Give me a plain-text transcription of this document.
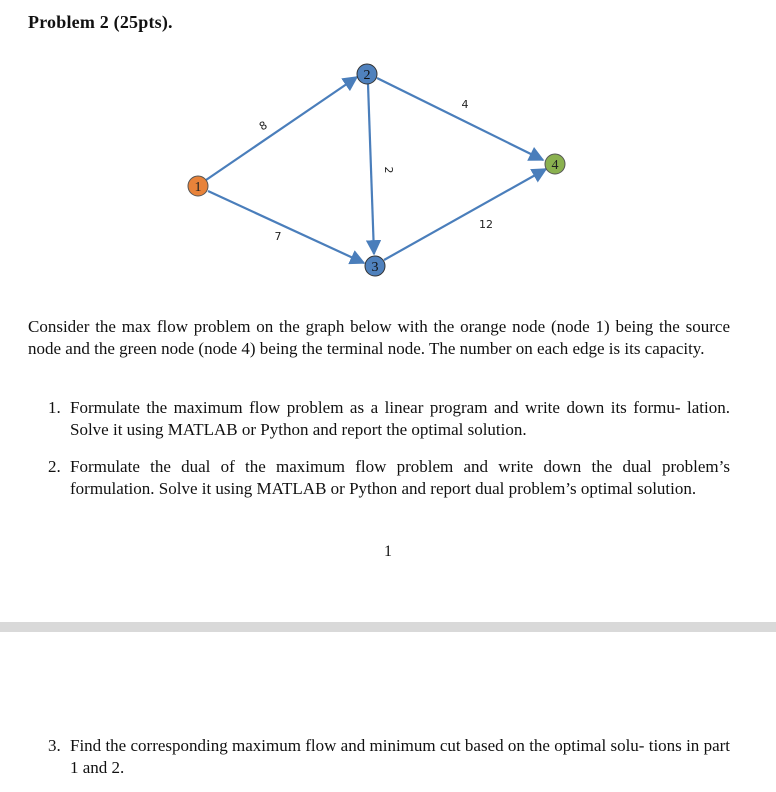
Problem 2 (25pts).
8
7
2
4
12
1
2
3
4
Consider the max flow problem on the graph below with the orange node (node 1) being the source node and the green node (node 4) being the terminal node. The number on each edge is its capacity.
1. Formulate the maximum flow problem as a linear program and write down its formu- lation. Solve it using MATLAB or Python and report the optimal solution.
2. Formulate the dual of the maximum flow problem and write down the dual problem’s formulation. Solve it using MATLAB or Python and report dual problem’s optimal solution.
1
3. Find the corresponding maximum flow and minimum cut based on the optimal solu- tions in part 1 and 2.
